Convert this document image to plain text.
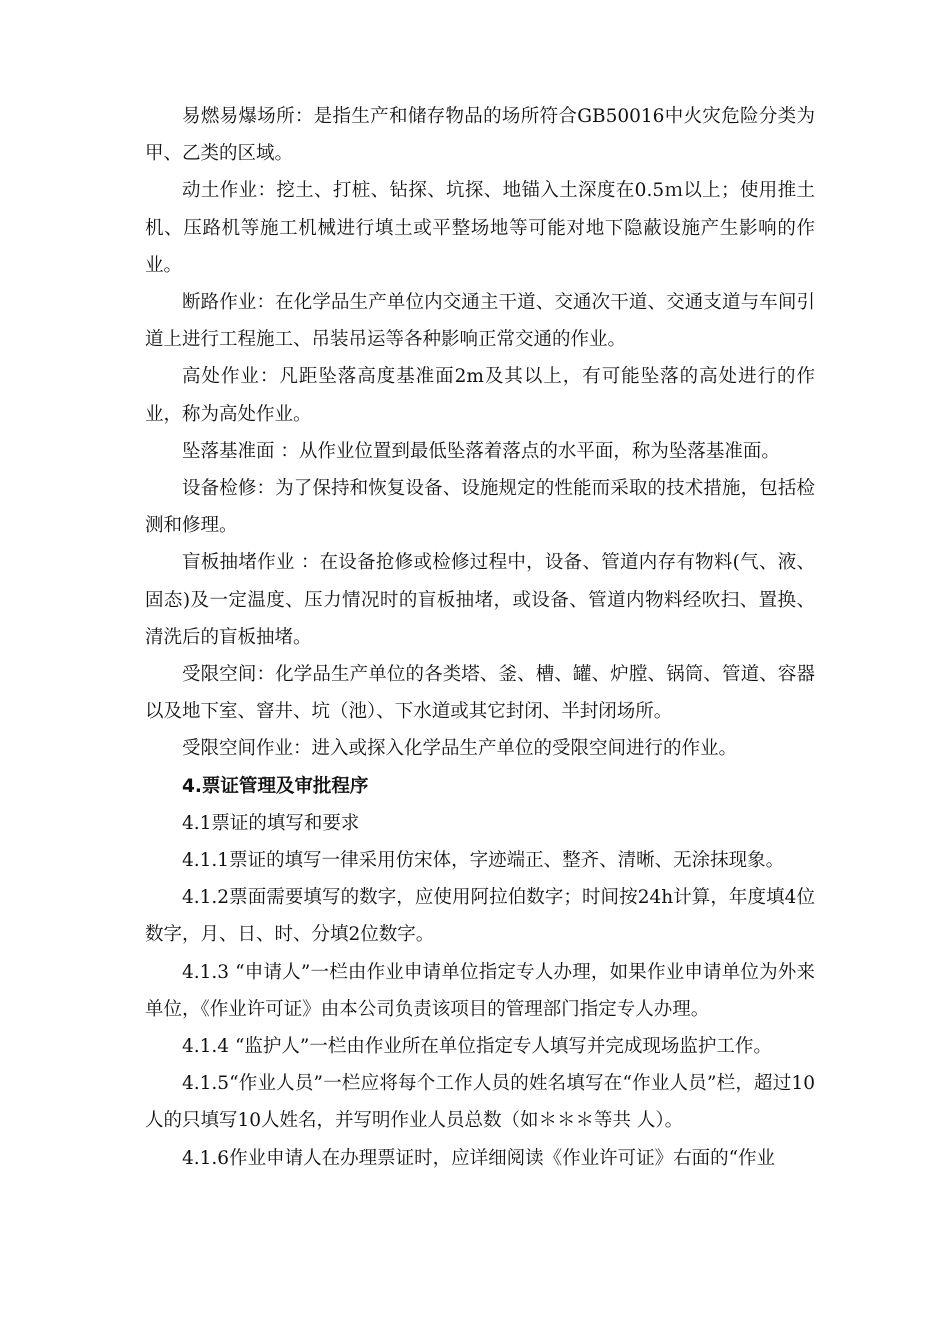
易燃易爆场所：是指生产和储存物品的场所符合GB50016中火灾危险分类为甲、乙类的区域。

动土作业：挖土、打桩、钻探、坑探、地锚入土深度在0.5ｍ以上；使用推土机、压路机等施工机械进行填土或平整场地等可能对地下隐蔽设施产生影响的作业。

断路作业：在化学品生产单位内交通主干道、交通次干道、交通支道与车间引道上进行工程施工、吊装吊运等各种影响正常交通的作业。

高处作业：凡距坠落高度基准面2m及其以上，有可能坠落的高处进行的作业，称为高处作业。

坠落基准面 ：从作业位置到最低坠落着落点的水平面，称为坠落基准面。

设备检修：为了保持和恢复设备、设施规定的性能而采取的技术措施，包括检测和修理。

盲板抽堵作业 ：在设备抢修或检修过程中，设备、管道内存有物料(气、液、固态)及一定温度、压力情况时的盲板抽堵，或设备、管道内物料经吹扫、置换、清洗后的盲板抽堵。

受限空间：化学品生产单位的各类塔、釜、槽、罐、炉膛、锅筒、管道、容器以及地下室、窨井、坑（池）、下水道或其它封闭、半封闭场所。

受限空间作业：进入或探入化学品生产单位的受限空间进行的作业。

4.票证管理及审批程序

4.1票证的填写和要求

4.1.1票证的填写一律采用仿宋体，字迹端正、整齐、清晰、无涂抹现象。

4.1.2票面需要填写的数字，应使用阿拉伯数字；时间按24h计算，年度填4位数字，月、日、时、分填2位数字。

4.1.3 “申请人”一栏由作业申请单位指定专人办理，如果作业申请单位为外来单位，《作业许可证》由本公司负责该项目的管理部门指定专人办理。

4.1.4 “监护人”一栏由作业所在单位指定专人填写并完成现场监护工作。

4.1.5“作业人员”一栏应将每个工作人员的姓名填写在“作业人员”栏，超过10人的只填写10人姓名，并写明作业人员总数（如＊＊＊等共 人）。

4.1.6作业申请人在办理票证时，应详细阅读《作业许可证》右面的“作业
